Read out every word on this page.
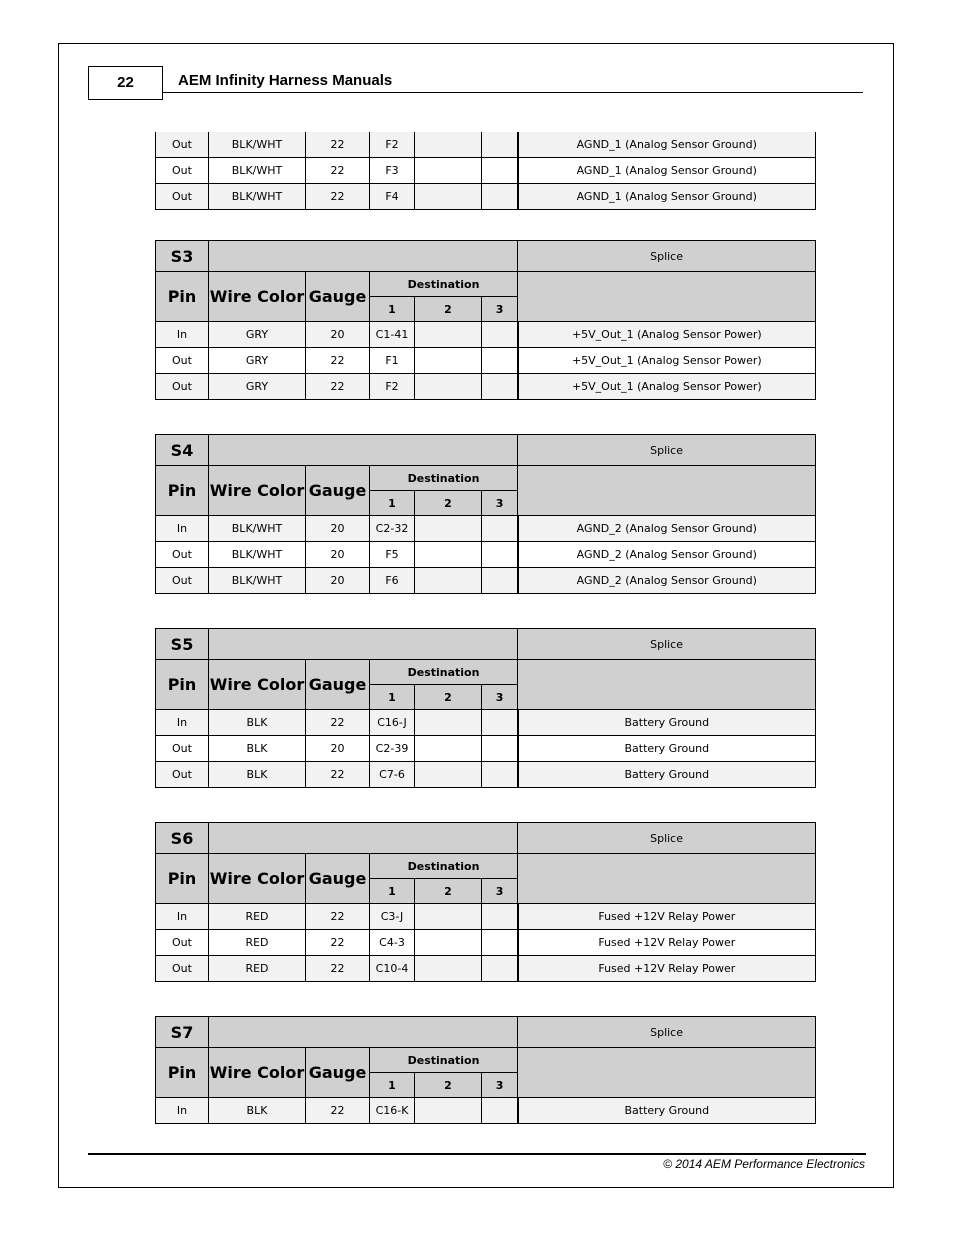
22	AEM Infinity Harness Manuals
Out	BLK/WHT	22	F2			AGND_1 (Analog Sensor Ground)
Out	BLK/WHT	22	F3			AGND_1 (Analog Sensor Ground)
Out	BLK/WHT	22	F4			AGND_1 (Analog Sensor Ground)
S3						Splice
Pin	Wire Color	Gauge	Destination			
			1	2	3	
In	GRY	20	C1-41			+5V_Out_1 (Analog Sensor Power)
Out	GRY	22	F1			+5V_Out_1 (Analog Sensor Power)
Out	GRY	22	F2			+5V_Out_1 (Analog Sensor Power)
S4						Splice
Pin	Wire Color	Gauge	Destination			
			1	2	3	
In	BLK/WHT	20	C2-32			AGND_2 (Analog Sensor Ground)
Out	BLK/WHT	20	F5			AGND_2 (Analog Sensor Ground)
Out	BLK/WHT	20	F6			AGND_2 (Analog Sensor Ground)
S5						Splice
Pin	Wire Color	Gauge	Destination			
			1	2	3	
In	BLK	22	C16-J			Battery Ground
Out	BLK	20	C2-39			Battery Ground
Out	BLK	22	C7-6			Battery Ground
S6						Splice
Pin	Wire Color	Gauge	Destination			
			1	2	3	
In	RED	22	C3-J			Fused +12V Relay Power
Out	RED	22	C4-3			Fused +12V Relay Power
Out	RED	22	C10-4			Fused +12V Relay Power
S7						Splice
Pin	Wire Color	Gauge	Destination			
			1	2	3	
In	BLK	22	C16-K			Battery Ground
© 2014 AEM Performance Electronics
